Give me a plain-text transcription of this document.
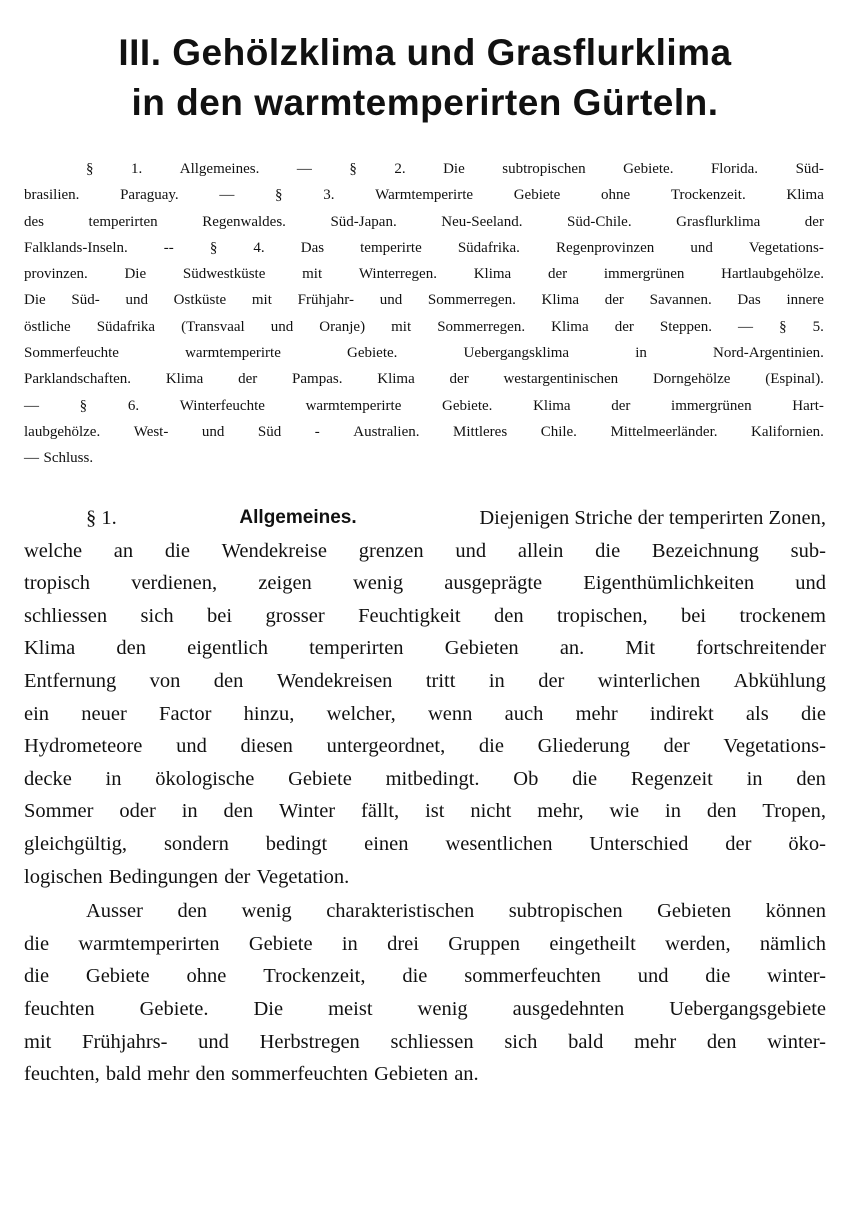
III. Gehölzklima und Grasflurklima
in den warmtemperirten Gürteln.
§	1.	Allgemeines.	—	§	2.	Die	subtropischen	Gebiete.	Florida.	Süd-
brasilien.	Paraguay.	—	§	3.	Warmtemperirte	Gebiete	ohne	Trockenzeit.	Klima
des	temperirten	Regenwaldes.	Süd-Japan.	Neu-Seeland.	Süd-Chile.	Grasflurklima	der
Falklands-Inseln. -- § 4. Das temperirte Südafrika. Regenprovinzen und Vegetations-
provinzen. Die Südwestküste mit Winterregen. Klima der immergrünen Hartlaubgehölze.
Die Süd- und Ostküste mit Frühjahr- und Sommerregen. Klima der Savannen. Das innere
östliche Südafrika (Transvaal und Oranje) mit Sommerregen. Klima der Steppen. — § 5.
Sommerfeuchte	warmtemperirte	Gebiete.	Uebergangsklima	in	Nord-Argentinien.
Parklandschaften. Klima der Pampas. Klima der westargentinischen Dorngehölze (Espinal).
—	§	6.	Winterfeuchte	warmtemperirte	Gebiete.	Klima	der	immergrünen	Hart-
laubgehölze. West- und Süd - Australien. Mittleres Chile. Mittelmeerländer. Kalifornien.
— Schluss.
§ 1.	Allgemeines.	Diejenigen Striche der temperirten Zonen,
welche an die Wendekreise grenzen und allein die Bezeichnung sub-
tropisch verdienen, zeigen wenig ausgeprägte Eigenthümlichkeiten und
schliessen sich bei grosser Feuchtigkeit den tropischen, bei trockenem
Klima den eigentlich temperirten Gebieten an. Mit fortschreitender
Entfernung von den Wendekreisen tritt in der winterlichen Abkühlung
ein neuer Factor hinzu, welcher, wenn auch mehr indirekt als die
Hydrometeore und diesen untergeordnet, die Gliederung der Vegetations-
decke in ökologische Gebiete mitbedingt. Ob die Regenzeit in den
Sommer oder in den Winter fällt, ist nicht mehr, wie in den Tropen,
gleichgültig, sondern bedingt einen wesentlichen Unterschied der öko-
logischen Bedingungen der Vegetation.
Ausser den wenig charakteristischen subtropischen Gebieten können
die warmtemperirten Gebiete in drei Gruppen eingetheilt werden, nämlich
die Gebiete ohne Trockenzeit, die sommerfeuchten und die winter-
feuchten Gebiete. Die meist wenig ausgedehnten Uebergangsgebiete
mit Frühjahrs- und Herbstregen schliessen sich bald mehr den winter-
feuchten, bald mehr den sommerfeuchten Gebieten an.
